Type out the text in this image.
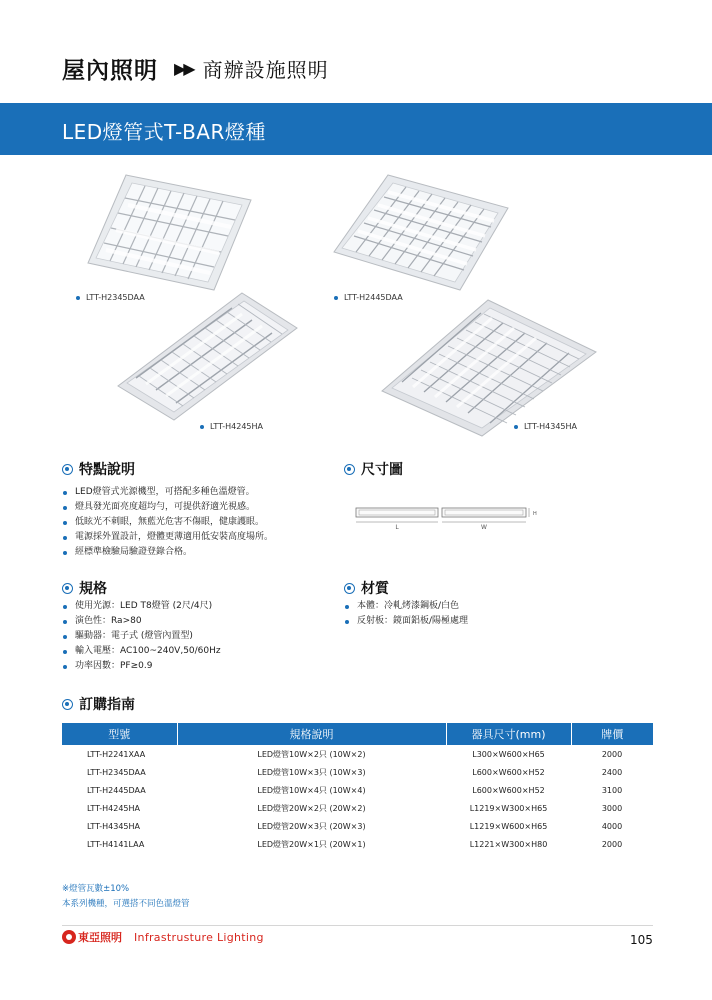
屋內照明 ▶▶ 商辦設施照明
LED燈管式T-BAR燈種
LTT-H2345DAA	LTT-H2445DAA
LTT-H4245HA	LTT-H4345HA
特點說明
LED燈管式光源機型，可搭配多種色溫燈管。
燈具發光面亮度超均勻，可提供舒適光視感。
低眩光不刺眼，無藍光危害不傷眼，健康護眼。
電源採外置設計，燈體更薄適用低安裝高度場所。
經標準檢驗局驗證登錄合格。
尺寸圖
L	W
H
規格
使用光源：LED T8燈管 (2尺/4尺)
演色性：Ra>80
驅動器：電子式 (燈管內置型)
輸入電壓：AC100~240V,50/60Hz
功率因數：PF≥0.9
材質
本體：冷軋烤漆鋼板/白色
反射板：鏡面鋁板/陽極處理
訂購指南
型號	規格說明	器具尺寸(mm)	牌價
LTT-H2241XAA	LED燈管10W×2只 (10W×2)	L300×W600×H65	2000
LTT-H2345DAA	LED燈管10W×3只 (10W×3)	L600×W600×H52	2400
LTT-H2445DAA	LED燈管10W×4只 (10W×4)	L600×W600×H52	3100
LTT-H4245HA	LED燈管20W×2只 (20W×2)	L1219×W300×H65	3000
LTT-H4345HA	LED燈管20W×3只 (20W×3)	L1219×W600×H65	4000
LTT-H4141LAA	LED燈管20W×1只 (20W×1)	L1221×W300×H80	2000
※燈管瓦數±10%
本系列機種，可選搭不同色溫燈管
東亞照明 Infrastrusture Lighting	105
